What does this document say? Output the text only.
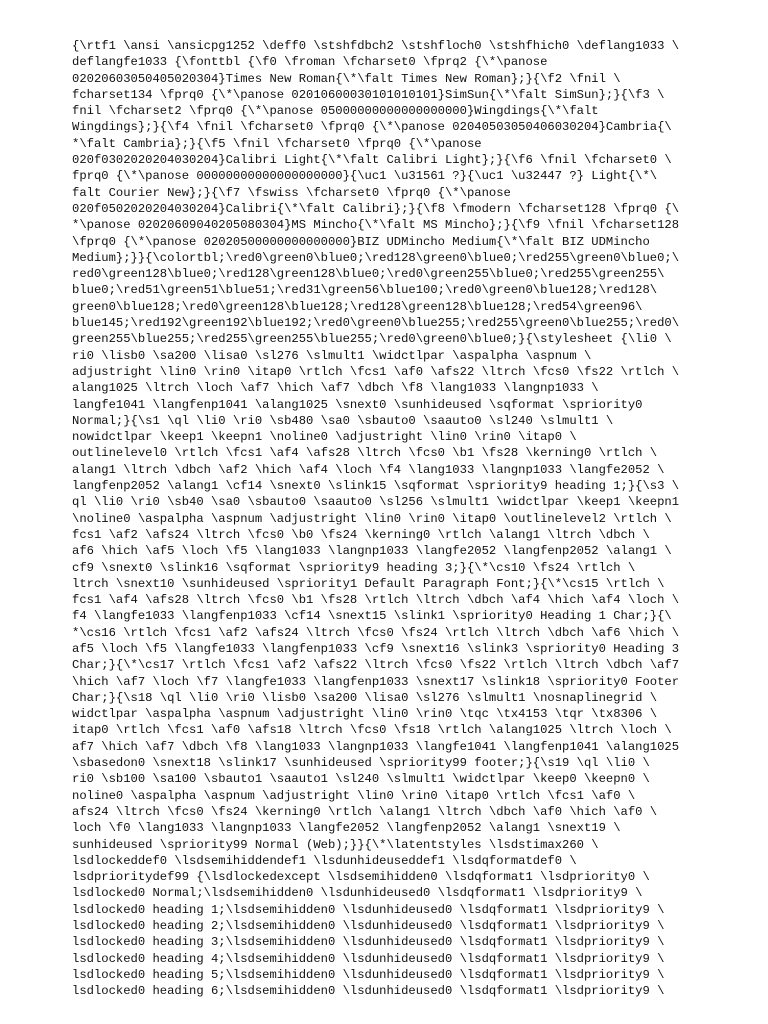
{\rtf1 \ansi \ansicpg1252 \deff0 \stshfdbch2 \stshfloch0 \stshfhich0 \deflang1033 \
deflangfe1033 {\fonttbl {\f0 \froman \fcharset0 \fprq2 {\*\panose
02020603050405020304}Times New Roman{\*\falt Times New Roman};}{\f2 \fnil \
fcharset134 \fprq0 {\*\panose 02010600030101010101}SimSun{\*\falt SimSun};}{\f3 \
fnil \fcharset2 \fprq0 {\*\panose 05000000000000000000}Wingdings{\*\falt
Wingdings};}{\f4 \fnil \fcharset0 \fprq0 {\*\panose 02040503050406030204}Cambria{\
*\falt Cambria};}{\f5 \fnil \fcharset0 \fprq0 {\*\panose
020f0302020204030204}Calibri Light{\*\falt Calibri Light};}{\f6 \fnil \fcharset0 \
fprq0 {\*\panose 00000000000000000000}{\uc1 \u31561 ?}{\uc1 \u32447 ?} Light{\*\
falt Courier New};}{\f7 \fswiss \fcharset0 \fprq0 {\*\panose
020f0502020204030204}Calibri{\*\falt Calibri};}{\f8 \fmodern \fcharset128 \fprq0 {\
*\panose 02020609040205080304}MS Mincho{\*\falt MS Mincho};}{\f9 \fnil \fcharset128
\fprq0 {\*\panose 02020500000000000000}BIZ UDMincho Medium{\*\falt BIZ UDMincho
Medium};}}{\colortbl;\red0\green0\blue0;\red128\green0\blue0;\red255\green0\blue0;\
red0\green128\blue0;\red128\green128\blue0;\red0\green255\blue0;\red255\green255\
blue0;\red51\green51\blue51;\red31\green56\blue100;\red0\green0\blue128;\red128\
green0\blue128;\red0\green128\blue128;\red128\green128\blue128;\red54\green96\
blue145;\red192\green192\blue192;\red0\green0\blue255;\red255\green0\blue255;\red0\
green255\blue255;\red255\green255\blue255;\red0\green0\blue0;}{\stylesheet {\li0 \
ri0 \lisb0 \sa200 \lisa0 \sl276 \slmult1 \widctlpar \aspalpha \aspnum \
adjustright \lin0 \rin0 \itap0 \rtlch \fcs1 \af0 \afs22 \ltrch \fcs0 \fs22 \rtlch \
alang1025 \ltrch \loch \af7 \hich \af7 \dbch \f8 \lang1033 \langnp1033 \
langfe1041 \langfenp1041 \alang1025 \snext0 \sunhideused \sqformat \spriority0
Normal;}{\s1 \ql \li0 \ri0 \sb480 \sa0 \sbauto0 \saauto0 \sl240 \slmult1 \
nowidctlpar \keep1 \keepn1 \noline0 \adjustright \lin0 \rin0 \itap0 \
outlinelevel0 \rtlch \fcs1 \af4 \afs28 \ltrch \fcs0 \b1 \fs28 \kerning0 \rtlch \
alang1 \ltrch \dbch \af2 \hich \af4 \loch \f4 \lang1033 \langnp1033 \langfe2052 \
langfenp2052 \alang1 \cf14 \snext0 \slink15 \sqformat \spriority9 heading 1;}{\s3 \
ql \li0 \ri0 \sb40 \sa0 \sbauto0 \saauto0 \sl256 \slmult1 \widctlpar \keep1 \keepn1
\noline0 \aspalpha \aspnum \adjustright \lin0 \rin0 \itap0 \outlinelevel2 \rtlch \
fcs1 \af2 \afs24 \ltrch \fcs0 \b0 \fs24 \kerning0 \rtlch \alang1 \ltrch \dbch \
af6 \hich \af5 \loch \f5 \lang1033 \langnp1033 \langfe2052 \langfenp2052 \alang1 \
cf9 \snext0 \slink16 \sqformat \spriority9 heading 3;}{\*\cs10 \fs24 \rtlch \
ltrch \snext10 \sunhideused \spriority1 Default Paragraph Font;}{\*\cs15 \rtlch \
fcs1 \af4 \afs28 \ltrch \fcs0 \b1 \fs28 \rtlch \ltrch \dbch \af4 \hich \af4 \loch \
f4 \langfe1033 \langfenp1033 \cf14 \snext15 \slink1 \spriority0 Heading 1 Char;}{\
*\cs16 \rtlch \fcs1 \af2 \afs24 \ltrch \fcs0 \fs24 \rtlch \ltrch \dbch \af6 \hich \
af5 \loch \f5 \langfe1033 \langfenp1033 \cf9 \snext16 \slink3 \spriority0 Heading 3
Char;}{\*\cs17 \rtlch \fcs1 \af2 \afs22 \ltrch \fcs0 \fs22 \rtlch \ltrch \dbch \af7
\hich \af7 \loch \f7 \langfe1033 \langfenp1033 \snext17 \slink18 \spriority0 Footer
Char;}{\s18 \ql \li0 \ri0 \lisb0 \sa200 \lisa0 \sl276 \slmult1 \nosnaplinegrid \
widctlpar \aspalpha \aspnum \adjustright \lin0 \rin0 \tqc \tx4153 \tqr \tx8306 \
itap0 \rtlch \fcs1 \af0 \afs18 \ltrch \fcs0 \fs18 \rtlch \alang1025 \ltrch \loch \
af7 \hich \af7 \dbch \f8 \lang1033 \langnp1033 \langfe1041 \langfenp1041 \alang1025
\sbasedon0 \snext18 \slink17 \sunhideused \spriority99 footer;}{\s19 \ql \li0 \
ri0 \sb100 \sa100 \sbauto1 \saauto1 \sl240 \slmult1 \widctlpar \keep0 \keepn0 \
noline0 \aspalpha \aspnum \adjustright \lin0 \rin0 \itap0 \rtlch \fcs1 \af0 \
afs24 \ltrch \fcs0 \fs24 \kerning0 \rtlch \alang1 \ltrch \dbch \af0 \hich \af0 \
loch \f0 \lang1033 \langnp1033 \langfe2052 \langfenp2052 \alang1 \snext19 \
sunhideused \spriority99 Normal (Web);}}{\*\latentstyles \lsdstimax260 \
lsdlockeddef0 \lsdsemihiddendef1 \lsdunhideuseddef1 \lsdqformatdef0 \
lsdprioritydef99 {\lsdlockedexcept \lsdsemihidden0 \lsdqformat1 \lsdpriority0 \
lsdlocked0 Normal;\lsdsemihidden0 \lsdunhideused0 \lsdqformat1 \lsdpriority9 \
lsdlocked0 heading 1;\lsdsemihidden0 \lsdunhideused0 \lsdqformat1 \lsdpriority9 \
lsdlocked0 heading 2;\lsdsemihidden0 \lsdunhideused0 \lsdqformat1 \lsdpriority9 \
lsdlocked0 heading 3;\lsdsemihidden0 \lsdunhideused0 \lsdqformat1 \lsdpriority9 \
lsdlocked0 heading 4;\lsdsemihidden0 \lsdunhideused0 \lsdqformat1 \lsdpriority9 \
lsdlocked0 heading 5;\lsdsemihidden0 \lsdunhideused0 \lsdqformat1 \lsdpriority9 \
lsdlocked0 heading 6;\lsdsemihidden0 \lsdunhideused0 \lsdqformat1 \lsdpriority9 \
